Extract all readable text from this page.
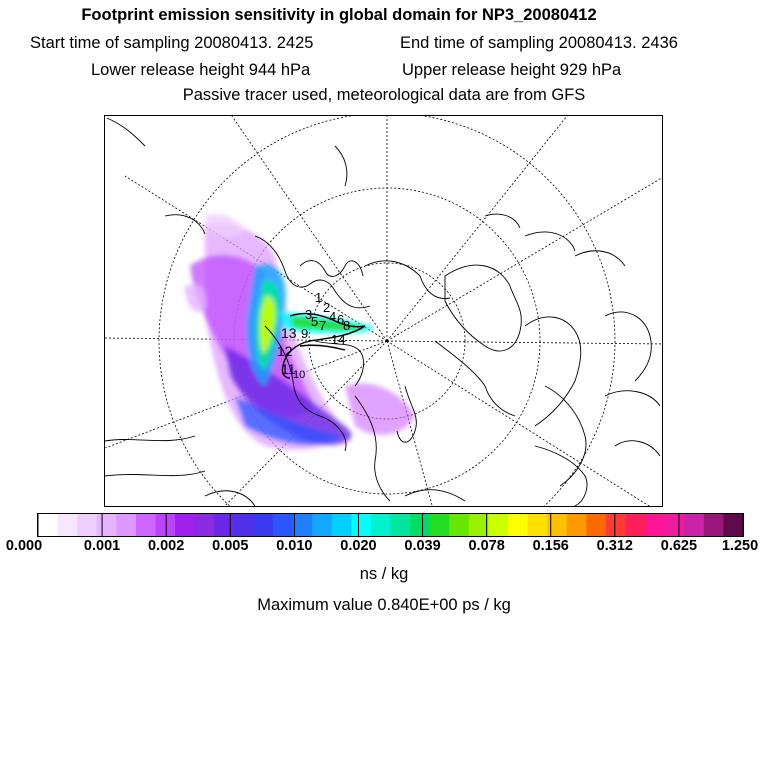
Footprint emission sensitivity in global domain for NP3_20080412
Start time of sampling 20080413. 2425	End time of sampling 20080413. 2436
Lower release height 944 hPa	Upper release height 929 hPa
Passive tracer used, meteorological data are from GFS
1
2
3 4
5 6
7 8
9
10
11
12
13	14
0.000	0.001 0.002 0.005 0.010 0.020 0.039 0.078 0.156 0.312 0.625 1.250
ns / kg
Maximum value 0.840E+00 ps / kg
